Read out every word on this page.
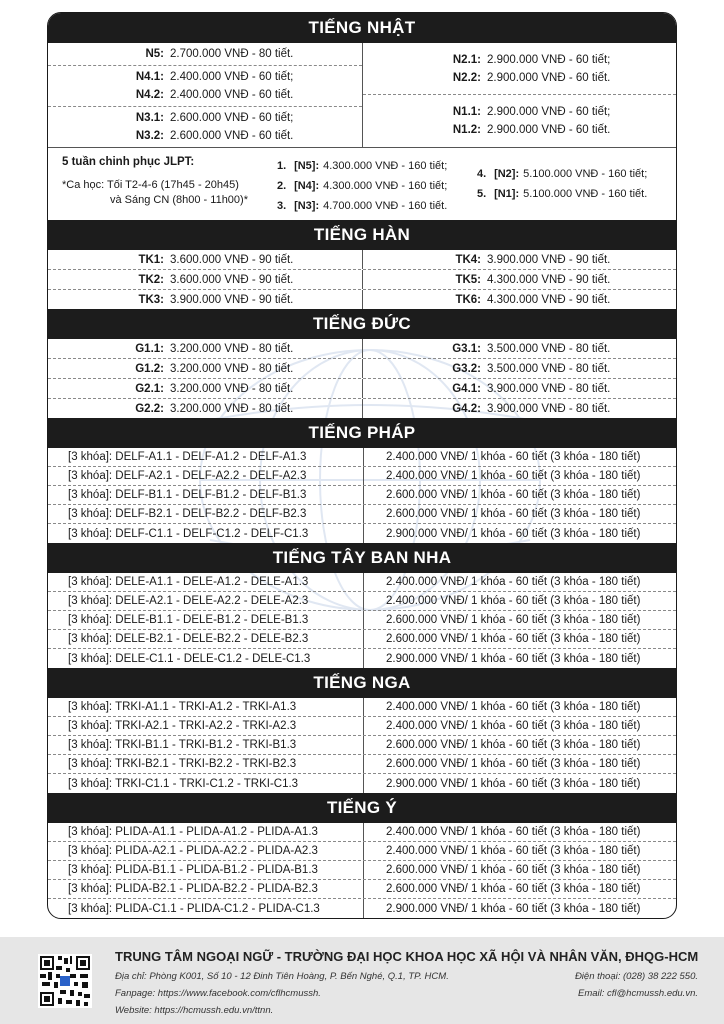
TIẾNG NHẬT
N5: 2.700.000 VNĐ - 80 tiết.
N4.1: 2.400.000 VNĐ - 60 tiết;
N4.2: 2.400.000 VNĐ - 60 tiết.
N3.1: 2.600.000 VNĐ - 60 tiết;
N3.2: 2.600.000 VNĐ - 60 tiết.
N2.1: 2.900.000 VNĐ - 60 tiết;
N2.2: 2.900.000 VNĐ - 60 tiết.
N1.1: 2.900.000 VNĐ - 60 tiết;
N1.2: 2.900.000 VNĐ - 60 tiết.
5 tuần chinh phục JLPT:
*Ca học: Tối T2-4-6 (17h45 - 20h45)
và Sáng CN (8h00 - 11h00)*
1.
[N5]: 4.300.000 VNĐ - 160 tiết;
2.
[N4]: 4.300.000 VNĐ - 160 tiết;
3.
[N3]: 4.700.000 VNĐ - 160 tiết.
4.
[N2]: 5.100.000 VNĐ - 160 tiết;
5.
[N1]: 5.100.000 VNĐ - 160 tiết.
TIẾNG HÀN
TK1: 3.600.000 VNĐ - 90 tiết.	TK4: 3.900.000 VNĐ - 90 tiết.
TK2: 3.600.000 VNĐ - 90 tiết.	TK5: 4.300.000 VNĐ - 90 tiết.
TK3: 3.900.000 VNĐ - 90 tiết.	TK6: 4.300.000 VNĐ - 90 tiết.
TIẾNG ĐỨC
G1.1: 3.200.000 VNĐ - 80 tiết.	G3.1: 3.500.000 VNĐ - 80 tiết.
G1.2: 3.200.000 VNĐ - 80 tiết.	G3.2: 3.500.000 VNĐ - 80 tiết.
G2.1: 3.200.000 VNĐ - 80 tiết.	G4.1: 3.900.000 VNĐ - 80 tiết.
G2.2: 3.200.000 VNĐ - 80 tiết.	G4.2: 3.900.000 VNĐ - 80 tiết.
TIẾNG PHÁP
[3 khóa]: DELF-A1.1 - DELF-A1.2 - DELF-A1.3	2.400.000 VNĐ/ 1 khóa - 60 tiết (3 khóa - 180 tiết)
[3 khóa]: DELF-A2.1 - DELF-A2.2 - DELF-A2.3	2.400.000 VNĐ/ 1 khóa - 60 tiết (3 khóa - 180 tiết)
[3 khóa]: DELF-B1.1 - DELF-B1.2 - DELF-B1.3	2.600.000 VNĐ/ 1 khóa - 60 tiết (3 khóa - 180 tiết)
[3 khóa]: DELF-B2.1 - DELF-B2.2 - DELF-B2.3	2.600.000 VNĐ/ 1 khóa - 60 tiết (3 khóa - 180 tiết)
[3 khóa]: DELF-C1.1 - DELF-C1.2 - DELF-C1.3	2.900.000 VNĐ/ 1 khóa - 60 tiết (3 khóa - 180 tiết)
TIẾNG TÂY BAN NHA
[3 khóa]: DELE-A1.1 - DELE-A1.2 - DELE-A1.3	2.400.000 VNĐ/ 1 khóa - 60 tiết (3 khóa - 180 tiết)
[3 khóa]: DELE-A2.1 - DELE-A2.2 - DELE-A2.3	2.400.000 VNĐ/ 1 khóa - 60 tiết (3 khóa - 180 tiết)
[3 khóa]: DELE-B1.1 - DELE-B1.2 - DELE-B1.3	2.600.000 VNĐ/ 1 khóa - 60 tiết (3 khóa - 180 tiết)
[3 khóa]: DELE-B2.1 - DELE-B2.2 - DELE-B2.3	2.600.000 VNĐ/ 1 khóa - 60 tiết (3 khóa - 180 tiết)
[3 khóa]: DELE-C1.1 - DELE-C1.2 - DELE-C1.3	2.900.000 VNĐ/ 1 khóa - 60 tiết (3 khóa - 180 tiết)
TIẾNG NGA
[3 khóa]: TRKI-A1.1 - TRKI-A1.2 - TRKI-A1.3	2.400.000 VNĐ/ 1 khóa - 60 tiết (3 khóa - 180 tiết)
[3 khóa]: TRKI-A2.1 - TRKI-A2.2 - TRKI-A2.3	2.400.000 VNĐ/ 1 khóa - 60 tiết (3 khóa - 180 tiết)
[3 khóa]: TRKI-B1.1 - TRKI-B1.2 - TRKI-B1.3	2.600.000 VNĐ/ 1 khóa - 60 tiết (3 khóa - 180 tiết)
[3 khóa]: TRKI-B2.1 - TRKI-B2.2 - TRKI-B2.3	2.600.000 VNĐ/ 1 khóa - 60 tiết (3 khóa - 180 tiết)
[3 khóa]: TRKI-C1.1 - TRKI-C1.2 - TRKI-C1.3	2.900.000 VNĐ/ 1 khóa - 60 tiết (3 khóa - 180 tiết)
TIẾNG Ý
[3 khóa]: PLIDA-A1.1 - PLIDA-A1.2 - PLIDA-A1.3	2.400.000 VNĐ/ 1 khóa - 60 tiết (3 khóa - 180 tiết)
[3 khóa]: PLIDA-A2.1 - PLIDA-A2.2 - PLIDA-A2.3	2.400.000 VNĐ/ 1 khóa - 60 tiết (3 khóa - 180 tiết)
[3 khóa]: PLIDA-B1.1 - PLIDA-B1.2 - PLIDA-B1.3	2.600.000 VNĐ/ 1 khóa - 60 tiết (3 khóa - 180 tiết)
[3 khóa]: PLIDA-B2.1 - PLIDA-B2.2 - PLIDA-B2.3	2.600.000 VNĐ/ 1 khóa - 60 tiết (3 khóa - 180 tiết)
[3 khóa]: PLIDA-C1.1 - PLIDA-C1.2 - PLIDA-C1.3	2.900.000 VNĐ/ 1 khóa - 60 tiết (3 khóa - 180 tiết)
TRUNG TÂM NGOẠI NGỮ - TRƯỜNG ĐẠI HỌC KHOA HỌC XÃ HỘI VÀ NHÂN VĂN, ĐHQG-HCM
Địa chỉ: Phòng K001, Số 10 - 12 Đinh Tiên Hoàng, P. Bến Nghé, Q.1, TP. HCM.
Fanpage: https://www.facebook.com/cflhcmussh.
Website: https://hcmussh.edu.vn/ttnn.
Điện thoại: (028) 38 222 550.
Email: cfl@hcmussh.edu.vn.
